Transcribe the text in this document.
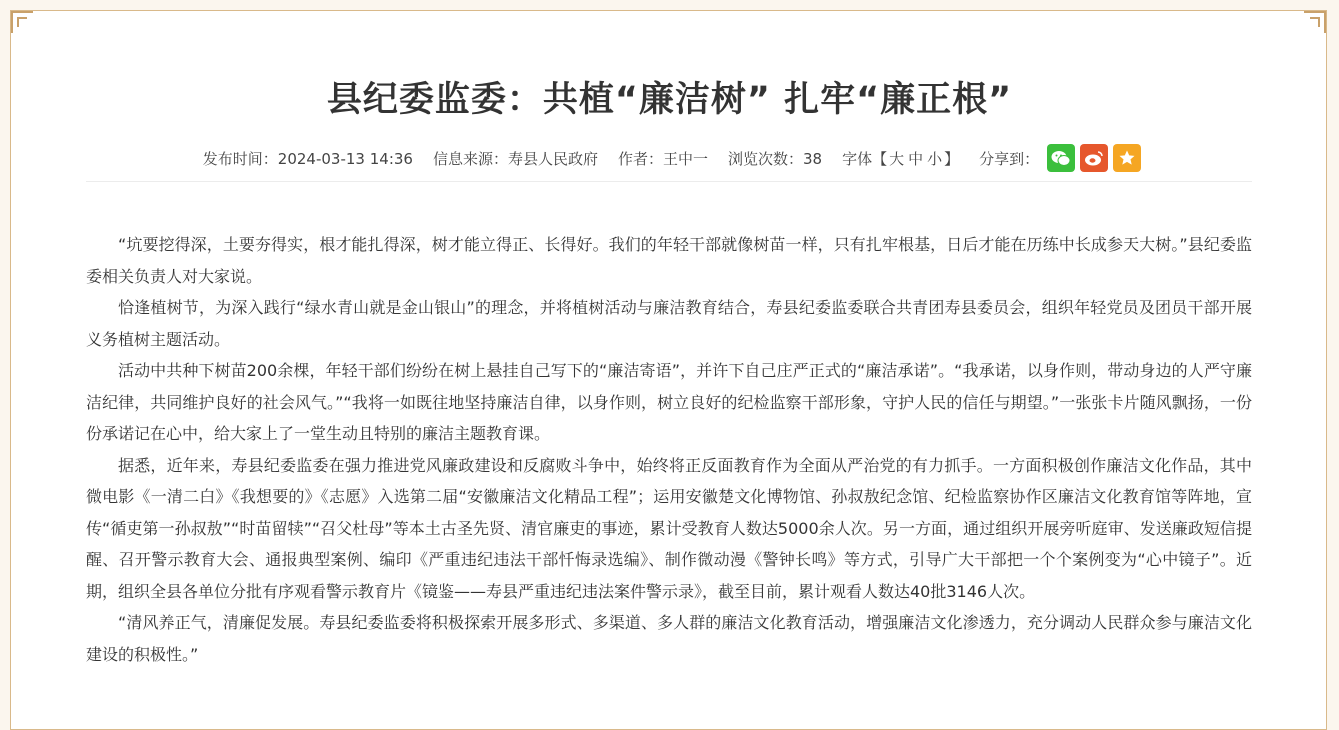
县纪委监委：共植“廉洁树” 扎牢“廉正根”
发布时间：2024-03-13 14:36 信息来源：寿县人民政府 作者：王中一 浏览次数：38 字体【 大 中 小 】 分享到：

“坑要挖得深，土要夯得实，根才能扎得深，树才能立得正、长得好。我们的年轻干部就像树苗一样，只有扎牢根基，日后才能在历练中长成参天大树。”县纪委监委相关负责人对大家说。

恰逢植树节，为深入践行“绿水青山就是金山银山”的理念，并将植树活动与廉洁教育结合，寿县纪委监委联合共青团寿县委员会，组织年轻党员及团员干部开展义务植树主题活动。

活动中共种下树苗200余棵，年轻干部们纷纷在树上悬挂自己写下的“廉洁寄语”，并许下自己庄严正式的“廉洁承诺”。“我承诺，以身作则，带动身边的人严守廉洁纪律，共同维护良好的社会风气。”“我将一如既往地坚持廉洁自律，以身作则，树立良好的纪检监察干部形象，守护人民的信任与期望。”一张张卡片随风飘扬，一份份承诺记在心中，给大家上了一堂生动且特别的廉洁主题教育课。

据悉，近年来，寿县纪委监委在强力推进党风廉政建设和反腐败斗争中，始终将正反面教育作为全面从严治党的有力抓手。一方面积极创作廉洁文化作品，其中微电影《一清二白》《我想要的》《志愿》入选第二届“安徽廉洁文化精品工程”；运用安徽楚文化博物馆、孙叔敖纪念馆、纪检监察协作区廉洁文化教育馆等阵地，宣传“循吏第一孙叔敖”“时苗留犊”“召父杜母”等本土古圣先贤、清官廉吏的事迹，累计受教育人数达5000余人次。另一方面，通过组织开展旁听庭审、发送廉政短信提醒、召开警示教育大会、通报典型案例、编印《严重违纪违法干部忏悔录选编》、制作微动漫《警钟长鸣》等方式，引导广大干部把一个个案例变为“心中镜子”。近期，组织全县各单位分批有序观看警示教育片《镜鉴——寿县严重违纪违法案件警示录》，截至目前，累计观看人数达40批3146人次。

“清风养正气，清廉促发展。寿县纪委监委将积极探索开展多形式、多渠道、多人群的廉洁文化教育活动，增强廉洁文化渗透力，充分调动人民群众参与廉洁文化建设的积极性。”
